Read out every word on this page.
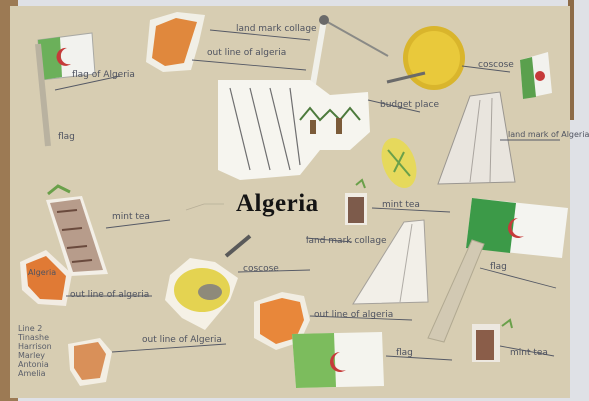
Algeria
flag of Algeria
flag
land mark collage
out line of algeria
coscose
budget place
land mark of Algeria
mint tea
mint tea
land mark collage
coscose	flag
out line of algeria
out line of algeria
out line of Algeria
Algeria
flag	mint tea
Line 2
Tinashe
Harrison
Marley
Antonia
Amelia
